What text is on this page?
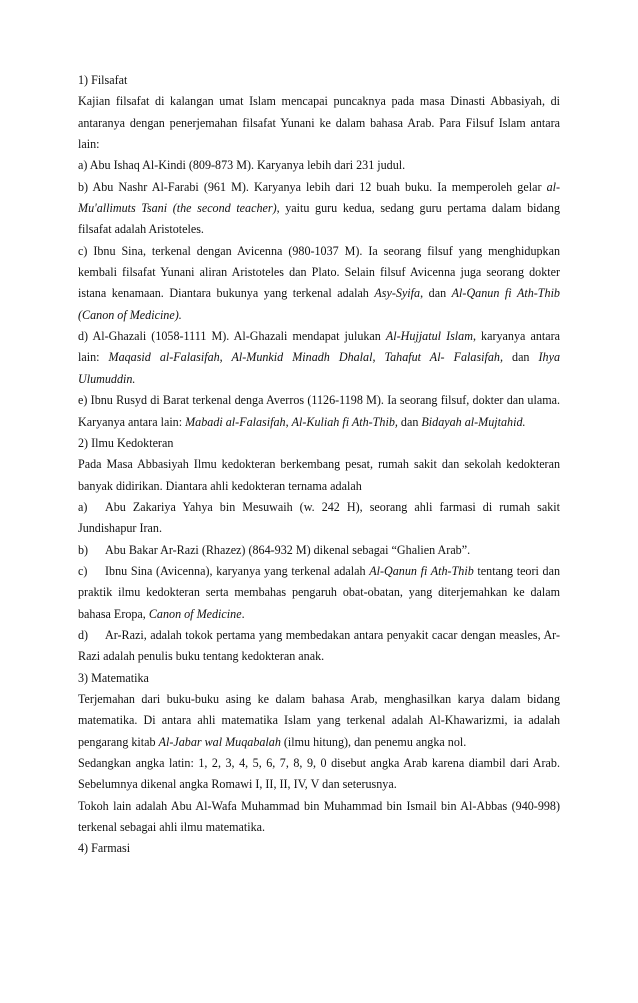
1) Filsafat

Kajian filsafat di kalangan umat Islam mencapai puncaknya pada masa Dinasti Abbasiyah, di antaranya dengan penerjemahan filsafat Yunani ke dalam bahasa Arab. Para Filsuf Islam antara lain:

a) Abu Ishaq Al-Kindi (809-873 M). Karyanya lebih dari 231 judul.
b) Abu Nashr Al-Farabi (961 M). Karyanya lebih dari 12 buah buku. Ia memperoleh gelar al-Mu'allimuts Tsani (the second teacher), yaitu guru kedua, sedang guru pertama dalam bidang filsafat adalah Aristoteles.
c) Ibnu Sina, terkenal dengan Avicenna (980-1037 M). Ia seorang filsuf yang menghidupkan kembali filsafat Yunani aliran Aristoteles dan Plato. Selain filsuf Avicenna juga seorang dokter istana kenamaan. Diantara bukunya yang terkenal adalah Asy-Syifa, dan Al-Qanun fi Ath-Thib (Canon of Medicine).
d) Al-Ghazali (1058-1111 M). Al-Ghazali mendapat julukan Al-Hujjatul Islam, karyanya antara lain: Maqasid al-Falasifah, Al-Munkid Minadh Dhalal, Tahafut Al- Falasifah, dan Ihya Ulumuddin.
e) Ibnu Rusyd di Barat terkenal denga Averros (1126-1198 M). Ia seorang filsuf, dokter dan ulama. Karyanya antara lain: Mabadi al-Falasifah, Al-Kuliah fi Ath-Thib, dan Bidayah al-Mujtahid.

2) Ilmu Kedokteran

Pada Masa Abbasiyah Ilmu kedokteran berkembang pesat, rumah sakit dan sekolah kedokteran banyak didirikan. Diantara ahli kedokteran ternama adalah

a) Abu Zakariya Yahya bin Mesuwaih (w. 242 H), seorang ahli farmasi di rumah sakit Jundishapur Iran.
b) Abu Bakar Ar-Razi (Rhazez) (864-932 M) dikenal sebagai “Ghalien Arab”.
c) Ibnu Sina (Avicenna), karyanya yang terkenal adalah Al-Qanun fi Ath-Thib tentang teori dan praktik ilmu kedokteran serta membahas pengaruh obat-obatan, yang diterjemahkan ke dalam bahasa Eropa, Canon of Medicine.
d) Ar-Razi, adalah tokok pertama yang membedakan antara penyakit cacar dengan measles, Ar-Razi adalah penulis buku tentang kedokteran anak.

3) Matematika

Terjemahan dari buku-buku asing ke dalam bahasa Arab, menghasilkan karya dalam bidang matematika. Di antara ahli matematika Islam yang terkenal adalah Al-Khawarizmi, ia adalah pengarang kitab Al-Jabar wal Muqabalah (ilmu hitung), dan penemu angka nol.

Sedangkan angka latin: 1, 2, 3, 4, 5, 6, 7, 8, 9, 0 disebut angka Arab karena diambil dari Arab. Sebelumnya dikenal angka Romawi I, II, II, IV, V dan seterusnya.

Tokoh lain adalah Abu Al-Wafa Muhammad bin Muhammad bin Ismail bin Al-Abbas (940-998) terkenal sebagai ahli ilmu matematika.

4) Farmasi
